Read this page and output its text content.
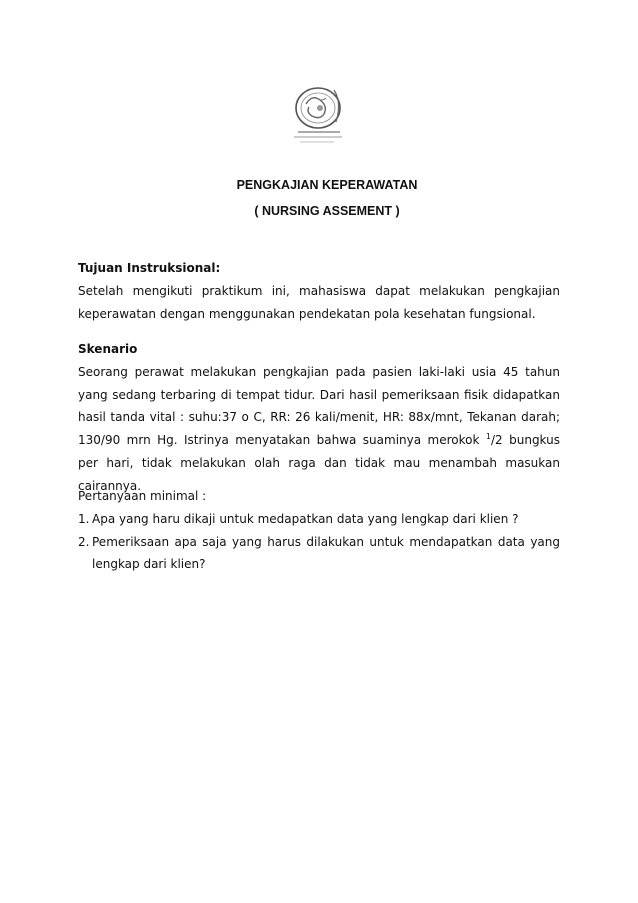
PENGKAJIAN KEPERAWATAN
( NURSING ASSEMENT )
Tujuan Instruksional:
Setelah mengikuti praktikum ini, mahasiswa dapat melakukan pengkajian keperawatan dengan menggunakan pendekatan pola kesehatan fungsional.
Skenario
Seorang perawat melakukan pengkajian pada pasien laki-laki usia 45 tahun yang sedang terbaring di tempat tidur. Dari hasil pemeriksaan fisik didapatkan hasil tanda vital : suhu:37 o C, RR: 26 kali/menit, HR: 88x/mnt, Tekanan darah; 130/90 mrn Hg. Istrinya menyatakan bahwa suaminya merokok $^1$/2 bungkus per hari, tidak melakukan olah raga dan tidak mau menambah masukan cairannya.
Pertanyaan minimal :
1. Apa yang haru dikaji untuk medapatkan data yang lengkap dari klien ?
2. Pemeriksaan apa saja yang harus dilakukan untuk mendapatkan data yang lengkap dari klien?
